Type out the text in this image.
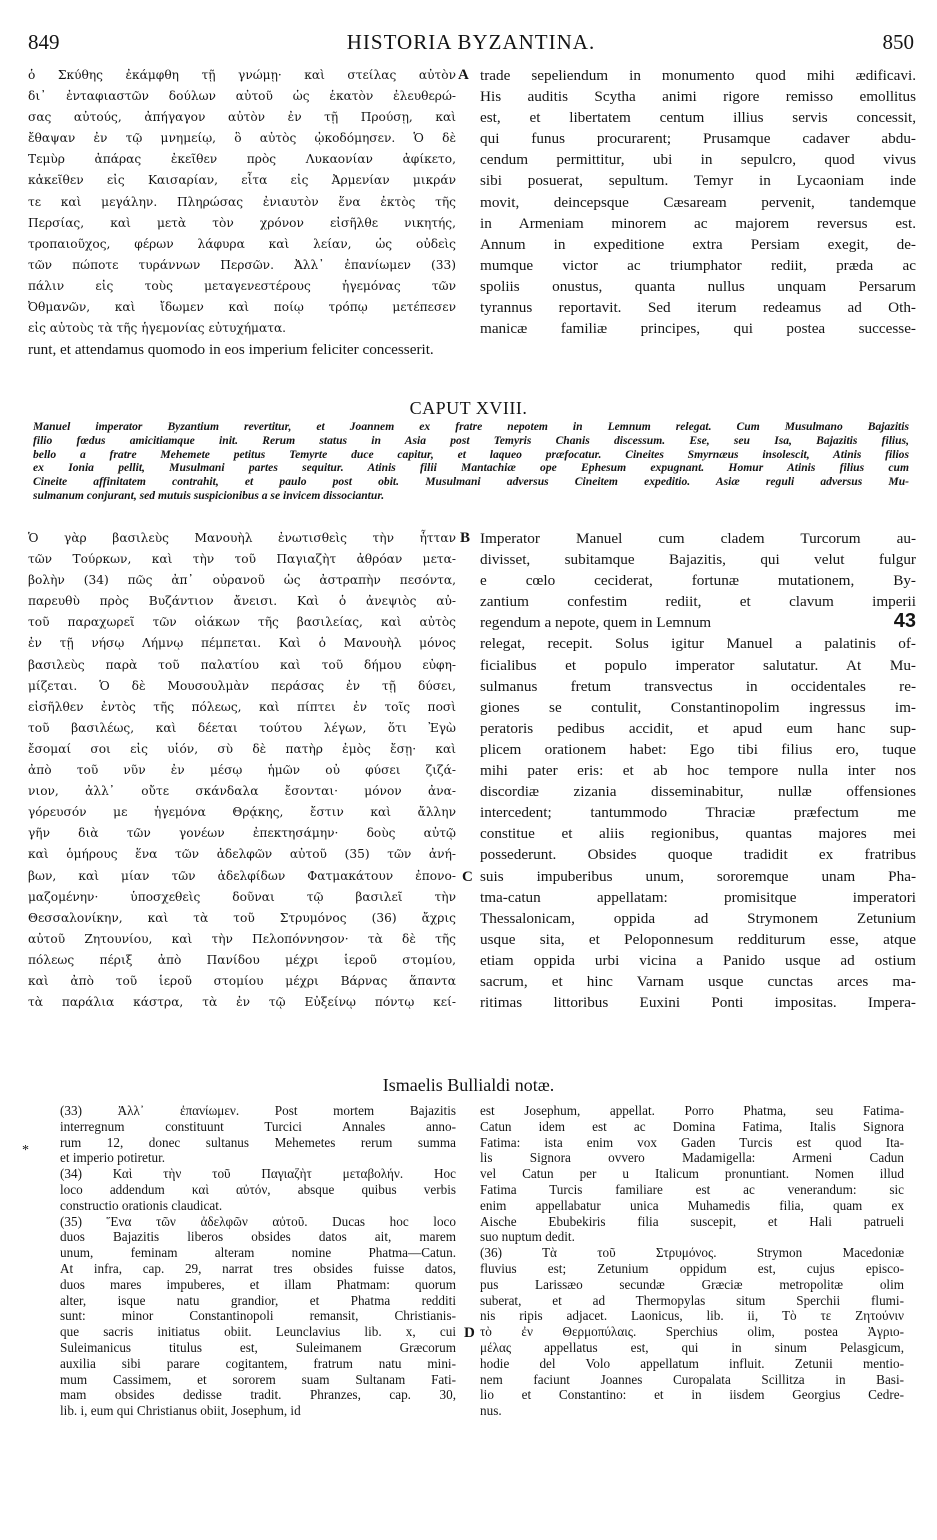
849	HISTORIA BYZANTINA.	850
ὁ Σκύθης ἐκάμφθη τῇ γνώμῃ· καὶ στείλας αὐτὸν
δι᾽ ἐνταφιαστῶν δούλων αὐτοῦ ὡς ἑκατὸν ἐλευθερώ-
σας αὐτούς, ἀπήγαγον αὐτὸν ἐν τῇ Προύσῃ, καὶ
ἔθαψαν ἐν τῷ μνημείῳ, ὃ αὐτὸς ᾠκοδόμησεν. Ὁ δὲ
Τεμὺρ ἀπάρας ἐκεῖθεν πρὸς Λυκαονίαν ἀφίκετο,
κἀκεῖθεν εἰς Καισαρίαν, εἶτα εἰς Ἀρμενίαν μικράν
τε καὶ μεγάλην. Πληρώσας ἐνιαυτὸν ἕνα ἐκτὸς τῆς
Περσίας, καὶ μετὰ τὸν χρόνον εἰσῆλθε νικητής,
τροπαιοῦχος, φέρων λάφυρα καὶ λείαν, ὡς οὐδεὶς
τῶν πώποτε τυράννων Περσῶν. Ἀλλ᾽ ἐπανίωμεν (33)
πάλιν εἰς τοὺς μεταγενεστέρους ἡγεμόνας τῶν
Ὀθμανῶν, καὶ ἴδωμεν καὶ ποίῳ τρόπῳ μετέπεσεν
εἰς αὐτοὺς τὰ τῆς ἡγεμονίας εὐτυχήματα.
trade sepeliendum in monumento quod mihi ædificavi.
His auditis Scytha animi rigore remisso emollitus
est, et libertatem centum illius servis concessit,
qui funus procurarent; Prusamque cadaver abdu-
cendum permittitur, ubi in sepulcro, quod vivus
sibi posuerat, sepultum. Temyr in Lycaoniam inde
movit, deincepsque Cæsaream pervenit, tandemque
in Armeniam minorem ac majorem reversus est.
Annum in expeditione extra Persiam exegit, de-
mumque victor ac triumphator rediit, præda ac
spoliis onustus, quanta nullus unquam Persarum
tyrannus reportavit. Sed iterum redeamus ad Oth-
manicæ familiæ principes, qui postea successe-
A
runt, et attendamus quomodo in eos imperium feliciter concesserit.
CAPUT XVIII.
Manuel imperator Byzantium revertitur, et Joannem ex fratre nepotem in Lemnum relegat. Cum Musulmano Bajazitis
filio fœdus amicitiamque init. Rerum status in Asia post Temyris Chanis discessum. Ese, seu Isa, Bajazitis filius,
bello a fratre Mehemete petitus Temyrte duce capitur, et laqueo præfocatur. Cineites Smyrnæus insolescit, Atinis filios
ex Ionia pellit, Musulmani partes sequitur. Atinis filii Mantachiæ ope Ephesum expugnant. Homur Atinis filius cum
Cineite affinitatem contrahit, et paulo post obit. Musulmani adversus Cineitem expeditio. Asiæ reguli adversus Mu-
sulmanum conjurant, sed mutuis suspicionibus a se invicem dissociantur.
Ὁ γὰρ βασιλεὺς Μανουὴλ ἐνωτισθεὶς τὴν ἧτταν
τῶν Τούρκων, καὶ τὴν τοῦ Παγιαζὴτ ἀθρόαν μετα-
βολὴν (34) πῶς ἀπ᾽ οὐρανοῦ ὡς ἀστραπὴν πεσόντα,
παρευθὺ πρὸς Βυζάντιον ἄνεισι. Καὶ ὁ ἀνεψιὸς αὐ-
τοῦ παραχωρεῖ τῶν οἰάκων τῆς βασιλείας, καὶ αὐτὸς
ἐν τῇ νήσῳ Λήμνῳ πέμπεται. Καὶ ὁ Μανουὴλ μόνος
βασιλεὺς παρὰ τοῦ παλατίου καὶ τοῦ δήμου εὐφη-
μίζεται. Ὁ δὲ Μουσουλμὰν περάσας ἐν τῇ δύσει,
εἰσῆλθεν ἐντὸς τῆς πόλεως, καὶ πίπτει ἐν τοῖς ποσὶ
τοῦ βασιλέως, καὶ δέεται τούτου λέγων, ὅτι Ἐγὼ
ἔσομαί σοι εἰς υἱόν, σὺ δὲ πατὴρ ἐμὸς ἔσῃ· καὶ
ἀπὸ τοῦ νῦν ἐν μέσῳ ἡμῶν οὐ φύσει ζιζά-
νιον, ἀλλ᾽ οὔτε σκάνδαλα ἔσονται· μόνον ἀνα-
γόρευσόν με ἡγεμόνα Θρᾴκης, ἔστιν καὶ ἄλλην
γῆν διὰ τῶν γονέων ἐπεκτησάμην· δοὺς αὐτῷ
καὶ ὁμήρους ἕνα τῶν ἀδελφῶν αὐτοῦ (35) τῶν ἀνή-
βων, καὶ μίαν τῶν ἀδελφίδων Φατμακάτουν ἐπονο-
μαζομένην· ὑποσχεθεὶς δοῦναι τῷ βασιλεῖ τὴν
Θεσσαλονίκην, καὶ τὰ τοῦ Στρυμόνος (36) ἄχρις
αὐτοῦ Ζητουνίου, καὶ τὴν Πελοπόννησον· τὰ δὲ τῆς
πόλεως πέριξ ἀπὸ Πανίδου μέχρι ἱεροῦ στομίου,
καὶ ἀπὸ τοῦ ἱεροῦ στομίου μέχρι Βάρνας ἅπαντα
τὰ παράλια κάστρα, τὰ ἐν τῷ Εὐξείνῳ πόντῳ κεί-
Imperator Manuel cum cladem Turcorum au-
divisset, subitamque Bajazitis, qui velut fulgur
e cœlo ceciderat, fortunæ mutationem, By-
zantium confestim rediit, et clavum imperii
regendum a nepote, quem in Lemnum	43
relegat, recepit. Solus igitur Manuel a palatinis of-
ficialibus et populo imperator salutatur. At Mu-
sulmanus fretum transvectus in occidentales re-
giones se contulit, Constantinopolim ingressus im-
peratoris pedibus accidit, et apud eum hanc sup-
plicem orationem habet: Ego tibi filius ero, tuque
mihi pater eris: et ab hoc tempore nulla inter nos
discordiæ zizania disseminabitur, nullæ offensiones
intercedent; tantummodo Thraciæ præfectum me
constitue et aliis regionibus, quantas majores mei
possederunt. Obsides quoque tradidit ex fratribus
suis impuberibus unum, sororemque unam Pha-
tma-catun appellatam: promisitque imperatori
Thessalonicam, oppida ad Strymonem Zetunium
usque sita, et Peloponnesum redditurum esse, atque
etiam oppida urbi vicina a Panido usque ad ostium
sacrum, et hinc Varnam usque cunctas arces ma-
ritimas littoribus Euxini Ponti impositas. Impera-
B
C
Ismaelis Bullialdi notæ.
(33) Ἀλλ᾽ ἐπανίωμεν. Post mortem Bajazitis
interregnum constituunt Turcici Annales anno-
rum 12, donec sultanus Mehemetes rerum summa
et imperio potiretur.
(34) Καὶ τὴν τοῦ Παγιαζὴτ μεταβολήν. Hoc
loco addendum καὶ αὐτόν, absque quibus verbis
constructio orationis claudicat.
(35) Ἕνα τῶν ἀδελφῶν αὐτοῦ. Ducas hoc loco
duos Bajazitis liberos obsides datos ait, marem
unum, feminam alteram nomine Phatma—Catun.
At infra, cap. 29, narrat tres obsides fuisse datos,
duos mares impuberes, et illam Phatmam: quorum
alter, isque natu grandior, et Phatma redditi
sunt: minor Constantinopoli remansit, Christianis-
que sacris initiatus obiit. Leunclavius lib. x, cui
Suleimanicus titulus est, Suleimanem Græcorum
auxilia sibi parare cogitantem, fratrum natu mini-
mum Cassimem, et sororem suam Sultanam Fati-
mam obsides dedisse tradit. Phranzes, cap. 30,
lib. i, eum qui Christianus obiit, Josephum, id
est Josephum, appellat. Porro Phatma, seu Fatima-
Catun idem est ac Domina Fatima, Italis Signora
Fatima: ista enim vox Gaden Turcis est quod Ita-
lis Signora ovvero Madamigella: Armeni Cadun
vel Catun per u Italicum pronuntiant. Nomen illud
Fatima Turcis familiare est ac venerandum: sic
enim appellabatur unica Muhamedis filia, quam ex
Aische Ebubekiris filia suscepit, et Hali patrueli
suo nuptum dedit.
(36) Τὰ τοῦ Στρυμόνος. Strymon Macedoniæ
fluvius est; Zetunium oppidum est, cujus episco-
pus Larissæo secundæ Græciæ metropolitæ olim
suberat, et ad Thermopylas situm Sperchii flumi-
nis ripis adjacet. Laonicus, lib. ii, Τὸ τε Ζητούνιν
τὸ ἐν Θερμοπύλαις. Sperchius olim, postea Ἀγριο-
μέλας appellatus est, qui in sinum Pelasgicum,
hodie del Volo appellatum influit. Zetunii mentio-
nem faciunt Joannes Curopalata Scillitza in Basi-
lio et Constantino: et in iisdem Georgius Cedre-
nus.
*
D
